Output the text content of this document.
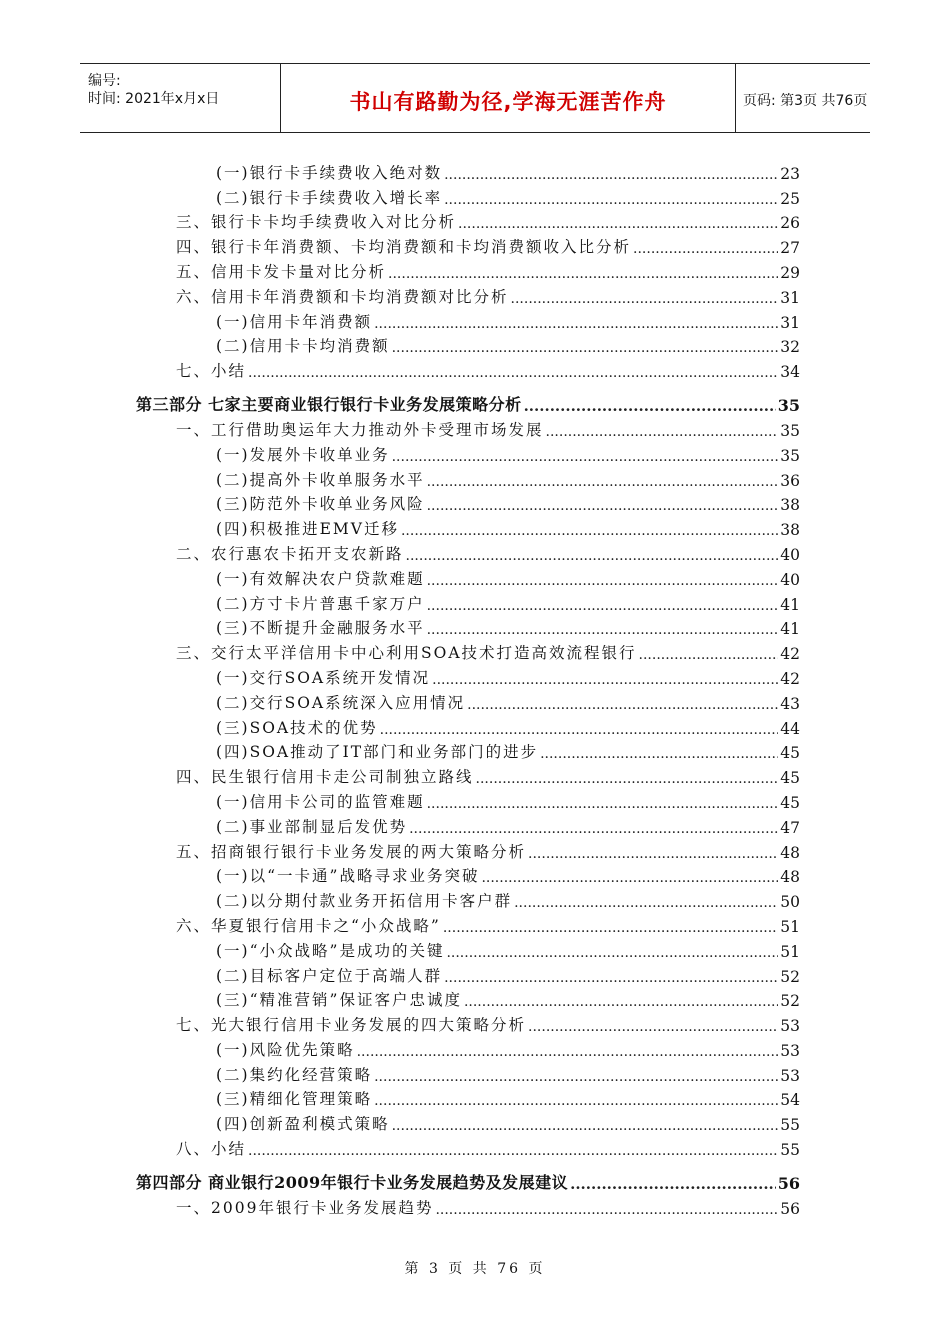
编号:
时间: 2021年x月x日	书山有路勤为径,学海无涯苦作舟	页码: 第3页 共76页
(一)银行卡手续费收入绝对数 .....	23
(二)银行卡手续费收入增长率 .....	25
三、银行卡卡均手续费收入对比分析 .....	26
四、银行卡年消费额、卡均消费额和卡均消费额收入比分析 .....	27
五、信用卡发卡量对比分析 .....	29
六、信用卡年消费额和卡均消费额对比分析 .....	31
(一)信用卡年消费额 .....	31
(二)信用卡卡均消费额 .....	32
七、小结 .....	34
第三部分 七家主要商业银行银行卡业务发展策略分析 .....	35
一、工行借助奥运年大力推动外卡受理市场发展 .....	35
(一)发展外卡收单业务 .....	35
(二)提高外卡收单服务水平 .....	36
(三)防范外卡收单业务风险 .....	38
(四)积极推进EMV迁移 .....	38
二、农行惠农卡拓开支农新路 .....	40
(一)有效解决农户贷款难题 .....	40
(二)方寸卡片普惠千家万户 .....	41
(三)不断提升金融服务水平 .....	41
三、交行太平洋信用卡中心利用SOA技术打造高效流程银行 .....	42
(一)交行SOA系统开发情况 .....	42
(二)交行SOA系统深入应用情况 .....	43
(三)SOA技术的优势 .....	44
(四)SOA推动了IT部门和业务部门的进步 .....	45
四、民生银行信用卡走公司制独立路线 .....	45
(一)信用卡公司的监管难题 .....	45
(二)事业部制显后发优势 .....	47
五、招商银行银行卡业务发展的两大策略分析 .....	48
(一)以“一卡通”战略寻求业务突破 .....	48
(二)以分期付款业务开拓信用卡客户群 .....	50
六、华夏银行信用卡之“小众战略” .....	51
(一)“小众战略”是成功的关键 .....	51
(二)目标客户定位于高端人群 .....	52
(三)“精准营销”保证客户忠诚度 .....	52
七、光大银行信用卡业务发展的四大策略分析 .....	53
(一)风险优先策略 .....	53
(二)集约化经营策略 .....	53
(三)精细化管理策略 .....	54
(四)创新盈利模式策略 .....	55
八、小结 .....	55
第四部分 商业银行2009年银行卡业务发展趋势及发展建议 .....	56
一、2009年银行卡业务发展趋势 .....	56
第 3 页 共 76 页
